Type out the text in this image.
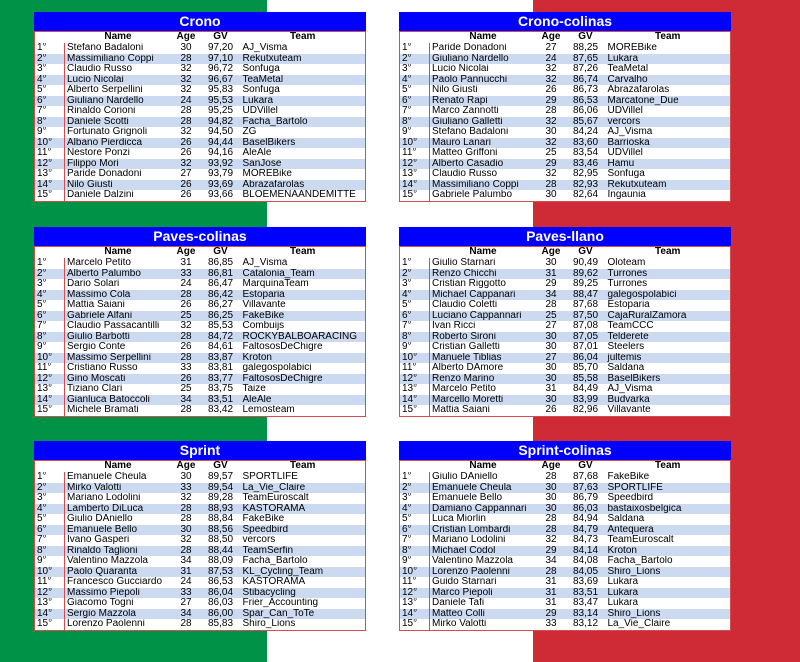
Crono
	Name	Age	GV	Team
1°	Stefano Badaloni	30	97,20	AJ_Visma
2°	Massimiliano Coppi	28	97,10	Rekutxuteam
3°	Claudio Russo	32	96,72	Sonfuga
4°	Lucio Nicolai	32	96,67	TeaMetal
5°	Alberto Serpellini	32	95,83	Sonfuga
6°	Giuliano Nardello	24	95,53	Lukara
7°	Rinaldo Corioni	28	95,25	UDVillel
8°	Daniele Scotti	28	94,82	Facha_Bartolo
9°	Fortunato Grignoli	32	94,50	ZG
10°	Albano Pierdicca	26	94,44	BaselBikers
11°	Nestore Ponzi	26	94,16	AleAle
12°	Filippo Mori	32	93,92	SanJose
13°	Paride Donadoni	27	93,79	MOREBike
14°	Nilo Giusti	26	93,69	Abrazafarolas
15°	Daniele Dalzini	26	93,66	BLOEMENAANDEMITTE
Crono-colinas
	Name	Age	GV	Team
1°	Paride Donadoni	27	88,25	MOREBike
2°	Giuliano Nardello	24	87,65	Lukara
3°	Lucio Nicolai	32	87,26	TeaMetal
4°	Paolo Pannucchi	32	86,74	Carvalho
5°	Nilo Giusti	26	86,73	Abrazafarolas
6°	Renato Rapi	29	86,53	Marcatone_Due
7°	Marco Zannotti	28	86,06	UDVillel
8°	Giuliano Galletti	32	85,67	vercors
9°	Stefano Badaloni	30	84,24	AJ_Visma
10°	Mauro Lanari	32	83,60	Barrioska
11°	Matteo Griffoni	25	83,54	UDVillel
12°	Alberto Casadio	29	83,46	Hamu
13°	Claudio Russo	32	82,95	Sonfuga
14°	Massimiliano Coppi	28	82,93	Rekutxuteam
15°	Gabriele Palumbo	30	82,64	Ingaunia
Paves-colinas
	Name	Age	GV	Team
1°	Marcelo Petito	31	86,85	AJ_Visma
2°	Alberto Palumbo	33	86,81	Catalonia_Team
3°	Dario Solari	24	86,47	MarquinaTeam
4°	Massimo Cola	28	86,42	Estoparia
5°	Mattia Saiani	26	86,27	Villavante
6°	Gabriele Alfani	25	86,25	FakeBike
7°	Claudio Passacantilli	32	85,53	Combuijs
8°	Giulio Barbotti	28	84,72	ROCKYBALBOARACING
9°	Sergio Conte	26	84,61	FaltososDeChigre
10°	Massimo Serpellini	28	83,87	Kroton
11°	Cristiano Russo	33	83,81	galegospolabici
12°	Gino Moscati	26	83,77	FaltososDeChigre
13°	Tiziano Clari	25	83,75	Taize
14°	Gianluca Batoccoli	34	83,51	AleAle
15°	Michele Bramati	28	83,42	Lemosteam
Paves-llano
	Name	Age	GV	Team
1°	Giulio Starnari	30	90,49	Oloteam
2°	Renzo Chicchi	31	89,62	Turrones
3°	Cristian Riggotto	29	89,25	Turrones
4°	Michael Cappanari	34	88,47	galegospolabici
5°	Claudio Coletti	28	87,68	Estoparia
6°	Luciano Cappannari	25	87,50	CajaRuralZamora
7°	Ivan Ricci	27	87,08	TeamCCC
8°	Roberto Sironi	30	87,05	Telderete
9°	Cristian Galletti	30	87,01	Steelers
10°	Manuele Tiblias	27	86,04	jultemis
11°	Alberto DAmore	30	85,70	Saldana
12°	Renzo Marino	30	85,58	BaselBikers
13°	Marcelo Petito	31	84,49	AJ_Visma
14°	Marcello Moretti	30	83,99	Budvarka
15°	Mattia Saiani	26	82,96	Villavante
Sprint
	Name	Age	GV	Team
1°	Emanuele Cheula	30	89,57	SPORTLIFE
2°	Mirko Valotti	33	89,54	La_Vie_Claire
3°	Mariano Lodolini	32	89,28	TeamEuroscalt
4°	Lamberto DiLuca	28	88,93	KASTORAMA
5°	Giulio DAniello	28	88,84	FakeBike
6°	Emanuele Bello	30	88,56	Speedbird
7°	Ivano Gasperi	32	88,50	vercors
8°	Rinaldo Taglioni	28	88,44	TeamSerfin
9°	Valentino Mazzola	34	88,09	Facha_Bartolo
10°	Paolo Quaranta	31	87,53	KL_Cycling_Team
11°	Francesco Gucciardo	24	86,53	KASTORAMA
12°	Massimo Piepoli	33	86,04	Stibacycling
13°	Giacomo Togni	27	86,03	Frier_Accounting
14°	Sergio Mazzola	34	86,00	Spar_Can_ToTe
15°	Lorenzo Paolenni	28	85,83	Shiro_Lions
Sprint-colinas
	Name	Age	GV	Team
1°	Giulio DAniello	28	87,68	FakeBike
2°	Emanuele Cheula	30	87,63	SPORTLIFE
3°	Emanuele Bello	30	86,79	Speedbird
4°	Damiano Cappannari	30	86,03	bastaixosbelgica
5°	Luca Miorlin	28	84,94	Saldana
6°	Cristian Lombardi	28	84,79	Antequera
7°	Mariano Lodolini	32	84,73	TeamEuroscalt
8°	Michael Codol	29	84,14	Kroton
9°	Valentino Mazzola	34	84,08	Facha_Bartolo
10°	Lorenzo Paolenni	28	84,05	Shiro_Lions
11°	Guido Starnari	31	83,69	Lukara
12°	Marco Piepoli	31	83,51	Lukara
13°	Daniele Tafi	31	83,47	Lukara
14°	Matteo Colli	29	83,14	Shiro_Lions
15°	Mirko Valotti	33	83,12	La_Vie_Claire
